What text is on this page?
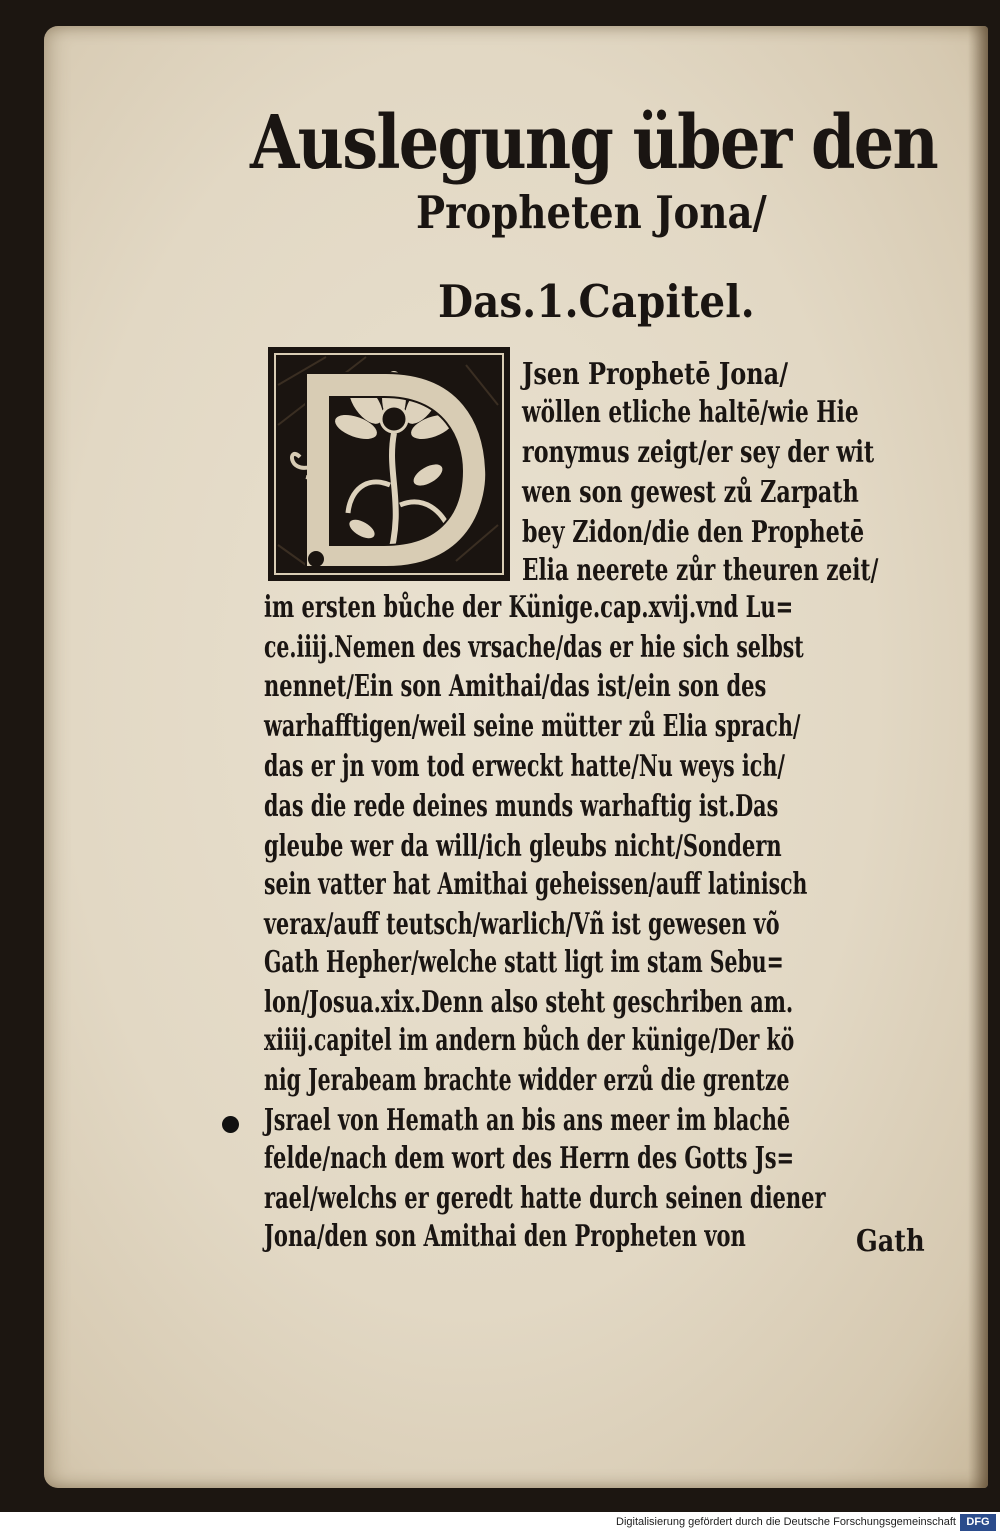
Auslegung über den
Propheten Jona/
Das.1.Capitel.
Jsen Prophetē Jona/
wöllen etliche haltē/wie Hie
ronymus zeigt/er sey der wit
wen son gewest zů Zarpath
bey Zidon/die den Prophetē
Elia neerete zůr theuren zeit/
im ersten bůche der Künige.cap.xvij.vnd Lu=
ce.iiij.Nemen des vrsache/das er hie sich selbst
nennet/Ein son Amithai/das ist/ein son des
warhafftigen/weil seine mütter zů Elia sprach/
das er jn vom tod erweckt hatte/Nu weys ich/
das die rede deines munds warhaftig ist.Das
gleube wer da will/ich gleubs nicht/Sondern
sein vatter hat Amithai geheissen/auff latinisch
verax/auff teutsch/warlich/Vñ ist gewesen võ
Gath Hepher/welche statt ligt im stam Sebu=
lon/Josua.xix.Denn also steht geschriben am.
xiiij.capitel im andern bůch der künige/Der kö
nig Jerabeam brachte widder erzů die grentze
Jsrael von Hemath an bis ans meer im blachē
felde/nach dem wort des Herrn des Gotts Js=
rael/welchs er geredt hatte durch seinen diener
Jona/den son Amithai den Propheten von	Gath
Digitalisierung gefördert durch die Deutsche Forschungsgemeinschaft DFG
